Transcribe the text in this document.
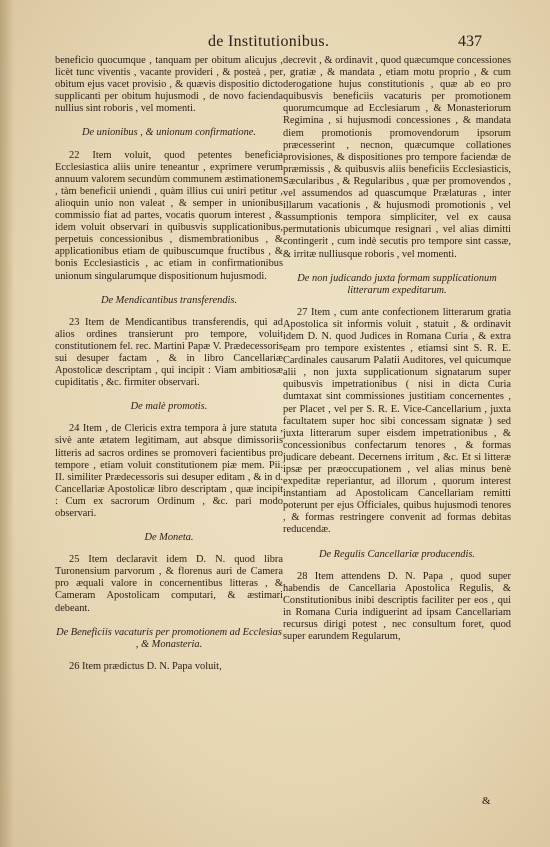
de Institutionibus.	437

beneficio quocumque , tanquam per obitum alicujus , licèt tunc viventis , vacante provideri , & posteà , per obitum ejus vacet provisio , & quævis dispositio dicto supplicanti per obitum hujusmodi , de novo facienda nullius sint roboris , vel momenti.

De unionibus , & unionum confirmatione.

22 Item voluit, quod petentes beneficia Ecclesiastica aliis unire teneantur , exprimere verum annuum valorem secundùm communem æstimationem , tàm beneficii uniendi , quàm illius cui uniri petitur , alioquin unio non valeat , & semper in unionibus commissio fiat ad partes, vocatis quorum interest , & idem voluit observari in quibusvis supplicationibus, perpetuis concessionibus , dismembrationibus , & applicationibus etiam de quibuscumque fructibus , & bonis Ecclesiasticis , ac etiam in confirmationibus unionum singularumque dispositionum hujusmodi.

De Mendicantibus transferendis.

23 Item de Mendicantibus transferendis, qui ad alios ordines transierunt pro tempore, voluit constitutionem fel. rec. Martini Papæ V. Prædecessoris sui desuper factam , & in libro Cancellariæ Apostolicæ descriptam , qui incipit : Viam ambitiosæ cupiditatis , &c. firmiter observari.

De malè promotis.

24 Item , de Clericis extra tempora à jure statuta , sivè ante ætatem legitimam, aut absque dimissoriis litteris ad sacros ordines se promoveri facientibus pro tempore , etiam voluit constitutionem piæ mem. Pii. II. similiter Prædecessoris sui desuper editam , & in d. Cancellariæ Apostolicæ libro descriptam , quæ incipit : Cum ex sacrorum Ordinum , &c. pari modo observari.

De Moneta.

25 Item declaravit idem D. N. quod libra Turonensium parvorum , & florenus auri de Camera pro æquali valore in concernentibus litteras , & Cameram Apostolicam computari, & æstimari debeant.

De Beneficiis vacaturis per promotionem ad Ecclesias , & Monasteria.

26 Item prædictus D. N. Papa voluit,

decrevit , & ordinavit , quod quæcumque concessiones , gratiæ , & mandata , etiam motu proprio , & cum derogatione hujus constitutionis , quæ ab eo pro quibusvis beneficiis vacaturis per promotionem quorumcumque ad Ecclesiarum , & Monasteriorum Regimina , si hujusmodi concessiones , & mandata diem promotionis promovendorum ipsorum præcesserint , necnon, quæcumque collationes provisiones, & dispositiones pro tempore faciendæ de præmissis , & quibusvis aliis beneficiis Ecclesiasticis, Sæcularibus , & Regularibus , quæ per promovendos , vel assumendos ad quascumque Prælaturas , inter illarum vacationis , & hujusmodi promotionis , vel assumptionis tempora simpliciter, vel ex causa permutationis ubicumque resignari , vel alias dimitti contingerit , cum indè secutis pro tempore sint cassæ, & irritæ nulliusque roboris , vel momenti.

De non judicando juxta formam supplicationum litterarum expeditarum.

27 Item , cum ante confectionem litterarum gratia Apostolica sit informis voluit , statuit , & ordinavit idem D. N. quod Judices in Romana Curia , & extra eam pro tempore existentes , etiamsi sint S. R. E. Cardinales causarum Palatii Auditores, vel quicumque alii , non juxta supplicationum signatarum super quibusvis impetrationibus ( nisi in dicta Curia dumtaxat sint commissiones justitiam concernentes , per Placet , vel per S. R. E. Vice-Cancellarium , juxta facultatem super hoc sibi concessam signatæ ) sed juxta litterarum super eisdem impetrationibus , & concessionibus confectarum tenores , & formas judicare debeant. Decernens irritum , &c. Et si litteræ ipsæ per præoccupationem , vel alias minus benè expeditæ reperiantur, ad illorum , quorum interest instantiam ad Apostolicam Cancellariam remitti poterunt per ejus Officiales, quibus hujusmodi tenores , & formas restringere convenit ad formas debitas reducendæ.

De Regulis Cancellariæ producendis.

28 Item attendens D. N. Papa , quod super habendis de Cancellaria Apostolica Regulis, & Constitutionibus inibi descriptis faciliter per eos , qui in Romana Curia indiguerint ad ipsam Cancellariam recursus dirigi potest , nec consultum foret, quod super earundem Regularum,

&
